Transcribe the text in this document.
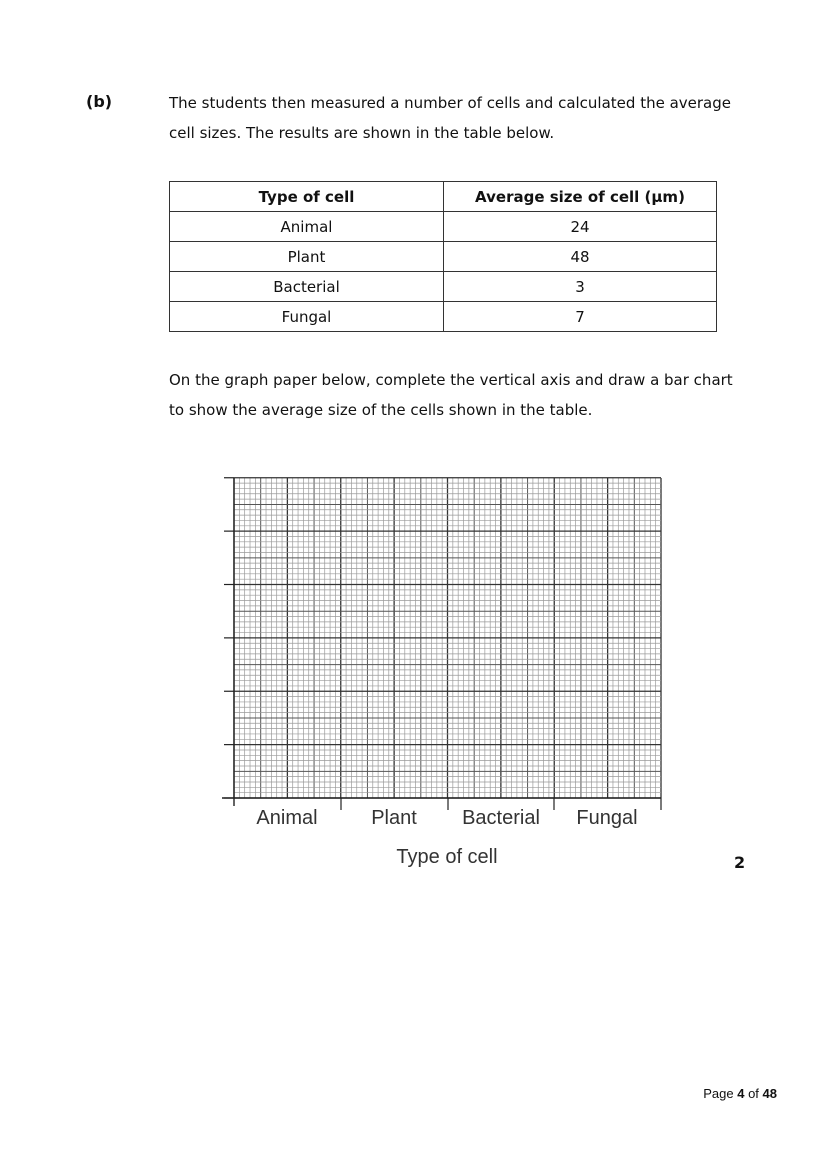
(b)	The students then measured a number of cells and calculated the average
cell sizes. The results are shown in the table below.
Type of cell	Average size of cell (µm)
Animal	24
Plant	48
Bacterial	3
Fungal	7
On the graph paper below, complete the vertical axis and draw a bar chart
to show the average size of the cells shown in the table.
Animal	Plant Bacterial Fungal
Type of cell	2
Page 4 of 48
